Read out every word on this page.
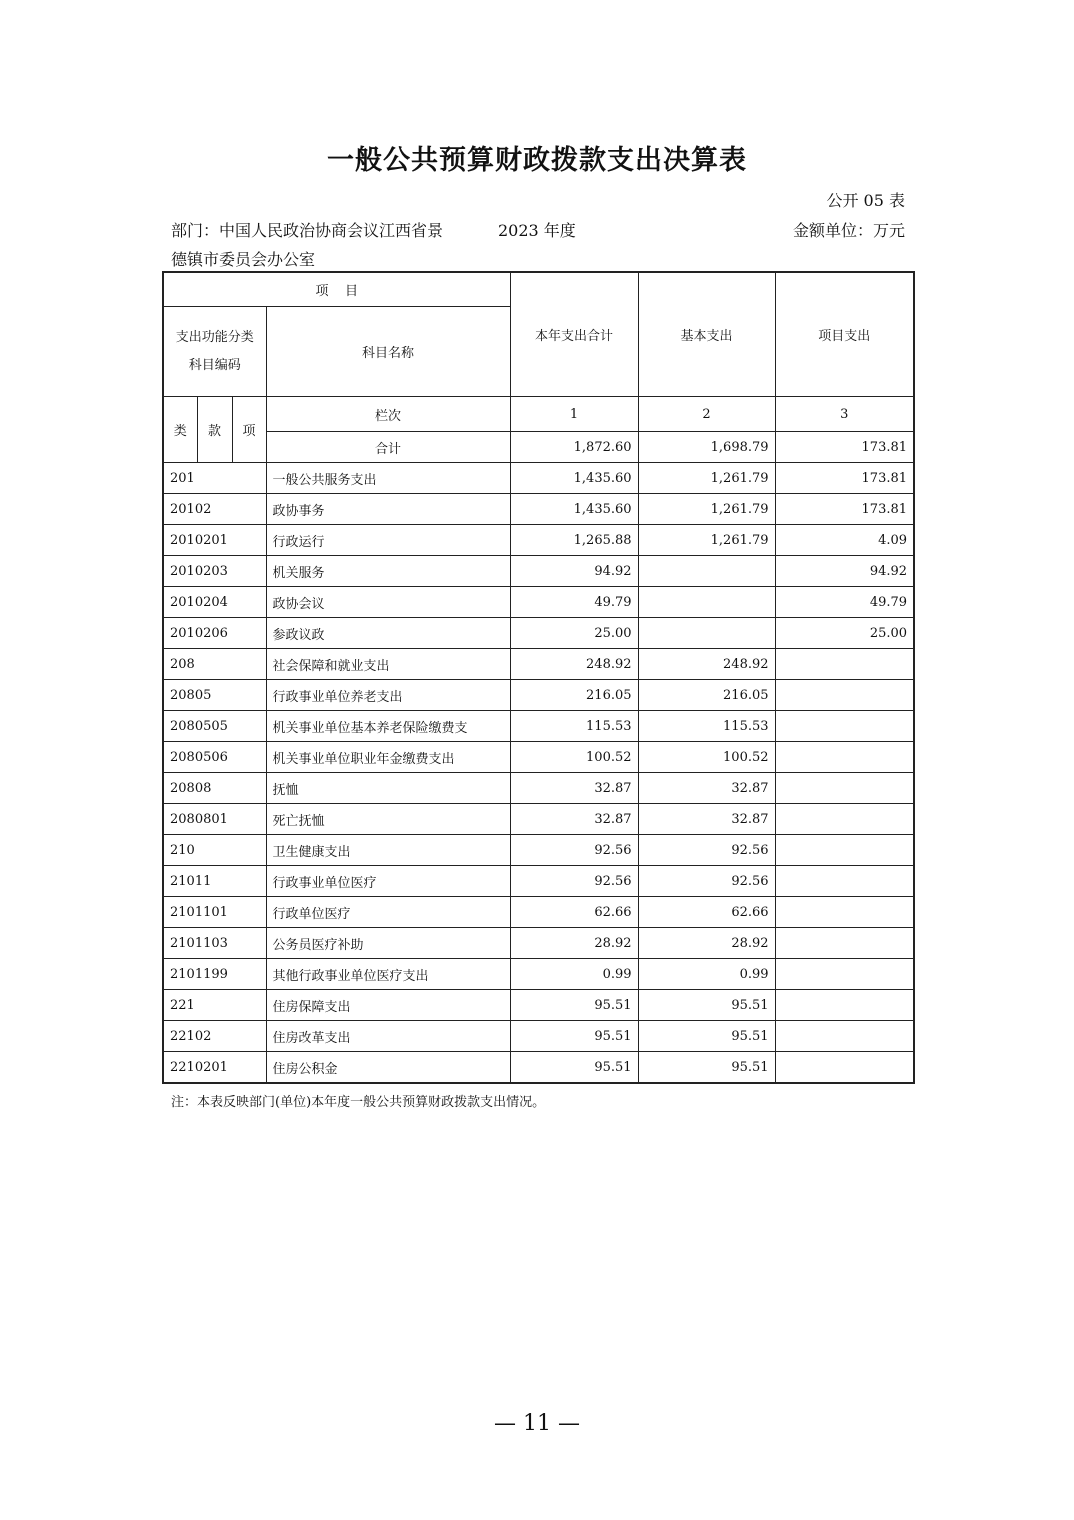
一般公共预算财政拨款支出决算表
公开 05 表
部门：中国人民政治协商会议江西省景德镇市委员会办公室
2023 年度	金额单位：万元
项    目				本年支出合计	基本支出	项目支出
支出功能分类科目编码			科目名称			
类	款	项	栏次	1	2	3
			合计	1,872.60	1,698.79	173.81
201			一般公共服务支出	1,435.60	1,261.79	173.81
20102			政协事务	1,435.60	1,261.79	173.81
2010201			行政运行	1,265.88	1,261.79	4.09
2010203			机关服务	94.92		94.92
2010204			政协会议	49.79		49.79
2010206			参政议政	25.00		25.00
208			社会保障和就业支出	248.92	248.92	
20805			行政事业单位养老支出	216.05	216.05	
2080505			机关事业单位基本养老保险缴费支	115.53	115.53	
2080506			机关事业单位职业年金缴费支出	100.52	100.52	
20808			抚恤	32.87	32.87	
2080801			死亡抚恤	32.87	32.87	
210			卫生健康支出	92.56	92.56	
21011			行政事业单位医疗	92.56	92.56	
2101101			行政单位医疗	62.66	62.66	
2101103			公务员医疗补助	28.92	28.92	
2101199			其他行政事业单位医疗支出	0.99	0.99	
221			住房保障支出	95.51	95.51	
22102			住房改革支出	95.51	95.51	
2210201			住房公积金	95.51	95.51	
注：本表反映部门(单位)本年度一般公共预算财政拨款支出情况。
— 11 —
